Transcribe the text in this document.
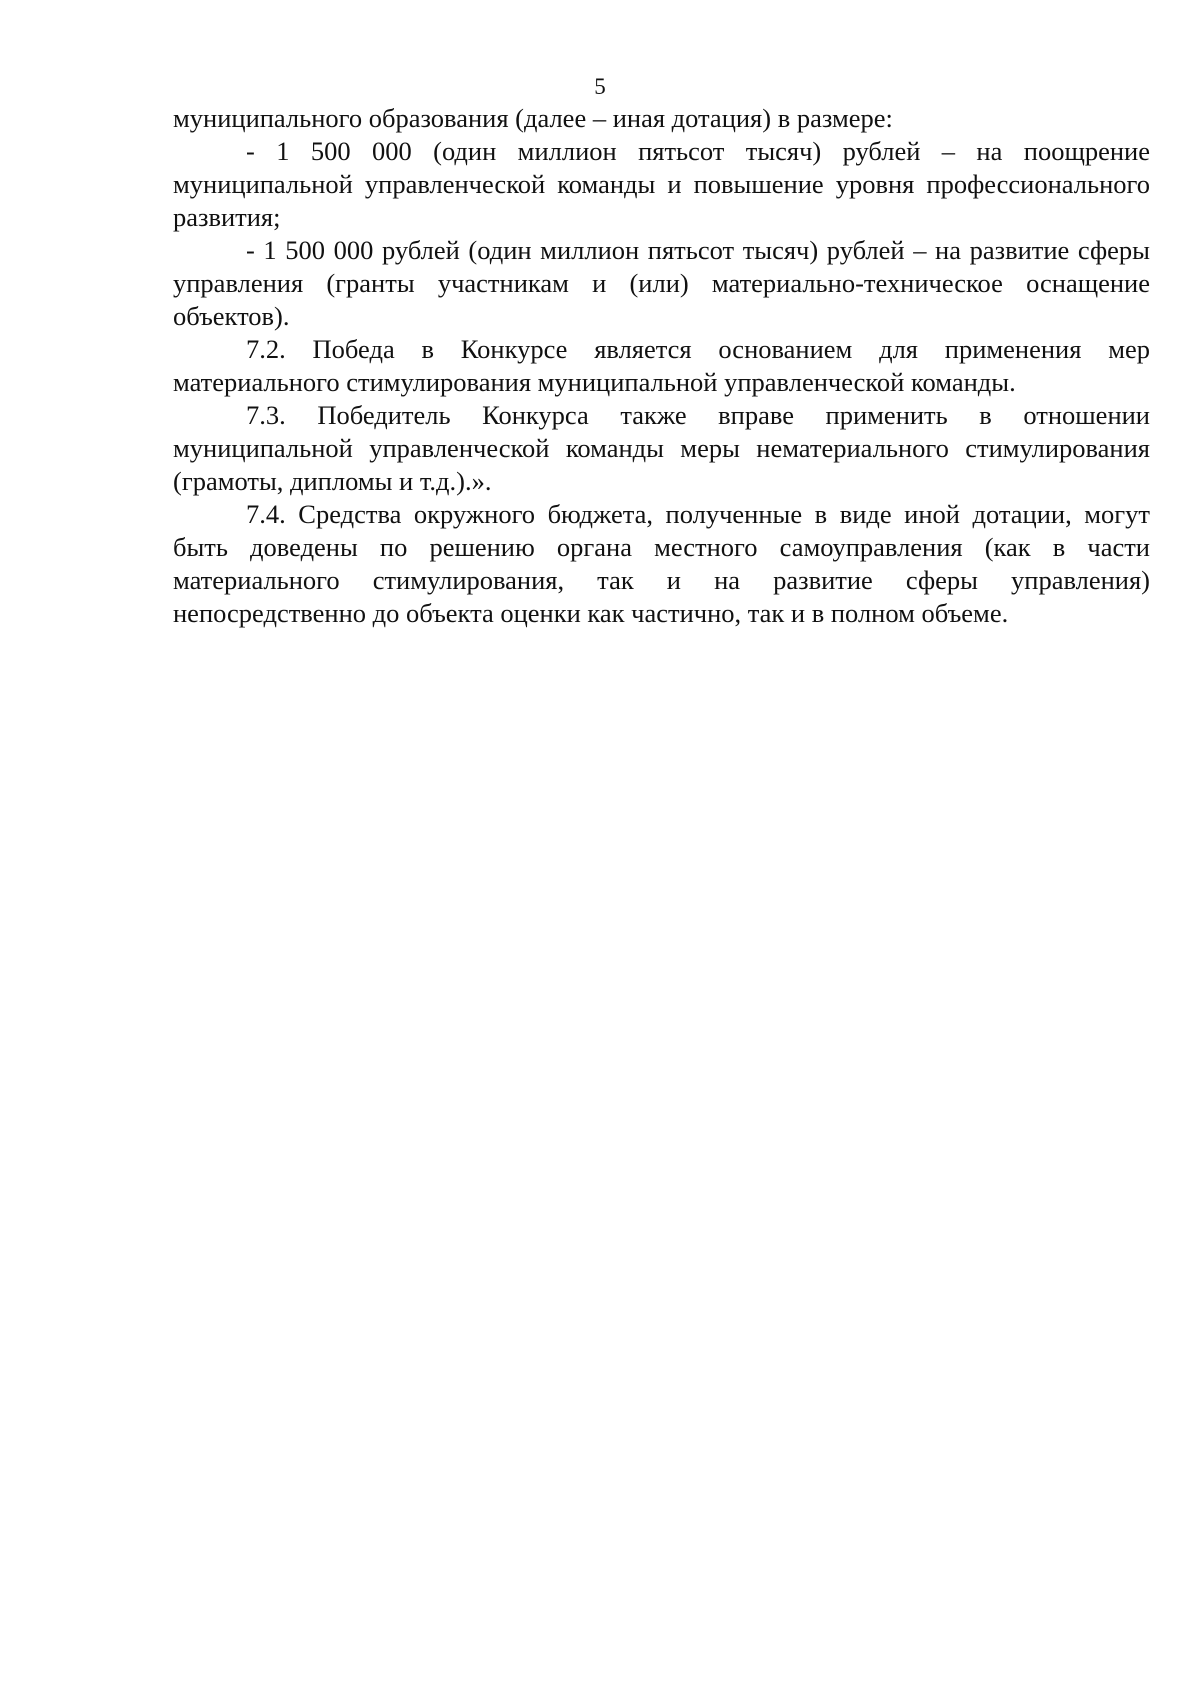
5

муниципального образования (далее – иная дотация) в размере:

- 1 500 000 (один миллион пятьсот тысяч) рублей – на поощрение муниципальной управленческой команды и повышение уровня профессионального развития;

- 1 500 000 рублей (один миллион пятьсот тысяч) рублей – на развитие сферы управления (гранты участникам и (или) материально-техническое оснащение объектов).

7.2. Победа в Конкурсе является основанием для применения мер материального стимулирования муниципальной управленческой команды.

7.3. Победитель Конкурса также вправе применить в отношении муниципальной управленческой команды меры нематериального стимулирования (грамоты, дипломы и т.д.).».

7.4. Средства окружного бюджета, полученные в виде иной дотации, могут быть доведены по решению органа местного самоуправления (как в части материального стимулирования, так и на развитие сферы управления) непосредственно до объекта оценки как частично, так и в полном объеме.
